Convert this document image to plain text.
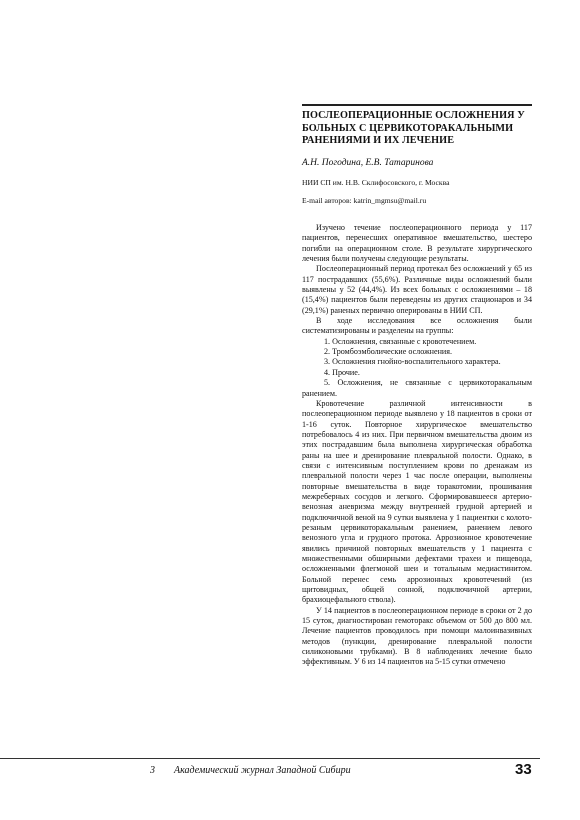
ПОСЛЕОПЕРАЦИОННЫЕ ОСЛОЖНЕНИЯ У БОЛЬНЫХ С ЦЕРВИКОТОРАКАЛЬНЫМИ РАНЕНИЯМИ И ИХ ЛЕЧЕНИЕ
А.Н. Погодина, Е.В. Татаринова
НИИ СП им. Н.В. Склифосовского, г. Москва
E-mail авторов: katrin_mgmsu@mail.ru

Изучено течение послеоперационного периода у 117 пациентов, перенесших оперативное вмешательство, шестеро погибли на операционном столе. В результате хирургического лечения были получены следующие результаты.

Послеоперационный период протекал без осложнений у 65 из 117 пострадавших (55,6%). Различные виды осложнений были выявлены у 52 (44,4%). Из всех больных с осложнениями – 18 (15,4%) пациентов были переведены из других стационаров и 34 (29,1%) раненых первично оперированы в НИИ СП.

В ходе исследования все осложнения были систематизированы и разделены на группы:

1. Осложнения, связанные с кровотечением.

2. Тромбоэмболические осложнения.

3. Осложнения гнойно-воспалительного характера.

4. Прочие.

5. Осложнения, не связанные с цервикоторакальным ранением.

Кровотечение различной интенсивности в послеоперационном периоде выявлено у 18 пациентов в сроки от 1-16 суток. Повторное хирургическое вмешательство потребовалось 4 из них. При первичном вмешательства двоим из этих пострадавшим была выполнена хирургическая обработка раны на шее и дренирование плевральной полости. Однако, в связи с интенсивным поступлением крови по дренажам из плевральной полости через 1 час после операции, выполнены повторные вмешательства в виде торакотомии, прошивания межреберных сосудов и легкого. Сформировавшееся артерио-венозная аневризма между внутренней грудной артерией и подключичной веной на 9 сутки выявлена у 1 пациентки с колото-резаным цервикоторакальным ранением, ранением левого венозного угла и грудного протока. Аррозионное кровотечение явились причиной повторных вмешательств у 1 пациента с множественными обширными дефектами трахеи и пищевода, осложненными флегмоной шеи и тотальным медиастинитом. Больной перенес семь аррозионных кровотечений (из щитовидных, общей сонной, подключичной артерии, брахиоцефального ствола).

У 14 пациентов в послеоперационном периоде в сроки от 2 до 15 суток, диагностирован гемоторакс объемом от 500 до 800 мл. Лечение пациентов проводилось при помощи малоинвазивных методов (пункции, дренирование плевральной полости силиконовыми трубками). В 8 наблюдениях лечение было эффективным. У 6 из 14 пациентов на 5-15 сутки отмечено

3 Академический журнал Западной Сибири	33
